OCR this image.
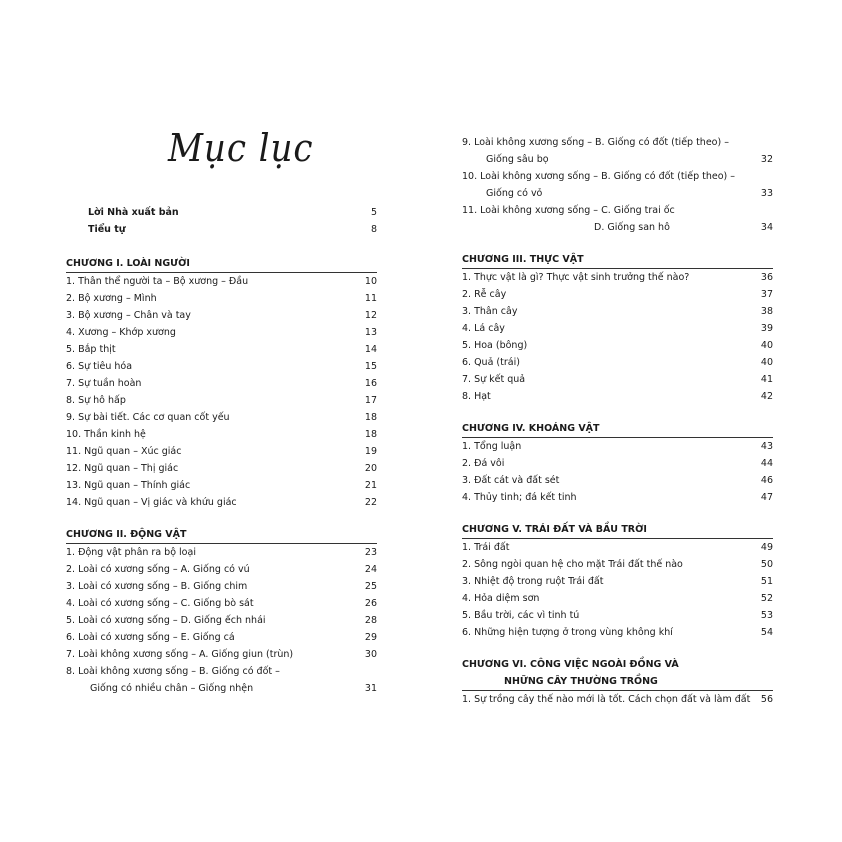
Mục lục
Lời Nhà xuất bản	5
Tiểu tự	8
CHƯƠNG I. LOÀI NGƯỜI
1. Thân thể người ta – Bộ xương – Đầu	10
2. Bộ xương – Mình	11
3. Bộ xương – Chân và tay	12
4. Xương – Khớp xương	13
5. Bắp thịt	14
6. Sự tiêu hóa	15
7. Sự tuần hoàn	16
8. Sự hô hấp	17
9. Sự bài tiết. Các cơ quan cốt yếu	18
10. Thần kinh hệ	18
11. Ngũ quan – Xúc giác	19
12. Ngũ quan – Thị giác	20
13. Ngũ quan – Thính giác	21
14. Ngũ quan – Vị giác và khứu giác	22
CHƯƠNG II. ĐỘNG VẬT
1. Động vật phân ra bộ loại	23
2. Loài có xương sống – A. Giống có vú	24
3. Loài có xương sống – B. Giống chim	25
4. Loài có xương sống – C. Giống bò sát	26
5. Loài có xương sống – D. Giống ếch nhái	28
6. Loài có xương sống – E. Giống cá	29
7. Loài không xương sống – A. Giống giun (trùn)	30
8. Loài không xương sống – B. Giống có đốt –
Giống có nhiều chân – Giống nhện	31
9. Loài không xương sống – B. Giống có đốt (tiếp theo) –
Giống sâu bọ	32
10. Loài không xương sống – B. Giống có đốt (tiếp theo) –
Giống có vỏ	33
11. Loài không xương sống – C. Giống trai ốc
D. Giống san hô	34
CHƯƠNG III. THỰC VẬT
1. Thực vật là gì? Thực vật sinh trưởng thế nào?	36
2. Rễ cây	37
3. Thân cây	38
4. Lá cây	39
5. Hoa (bông)	40
6. Quả (trái)	40
7. Sự kết quả	41
8. Hạt	42
CHƯƠNG IV. KHOÁNG VẬT
1. Tổng luận	43
2. Đá vôi	44
3. Đất cát và đất sét	46
4. Thủy tinh; đá kết tinh	47
CHƯƠNG V. TRÁI ĐẤT VÀ BẦU TRỜI
1. Trái đất	49
2. Sông ngòi quan hệ cho mặt Trái đất thế nào	50
3. Nhiệt độ trong ruột Trái đất	51
4. Hỏa diệm sơn	52
5. Bầu trời, các vì tinh tú	53
6. Những hiện tượng ở trong vùng không khí	54
CHƯƠNG VI. CÔNG VIỆC NGOÀI ĐỒNG VÀ
NHỮNG CÂY THƯỜNG TRỒNG
1. Sự trồng cây thế nào mới là tốt. Cách chọn đất và làm đất 56
